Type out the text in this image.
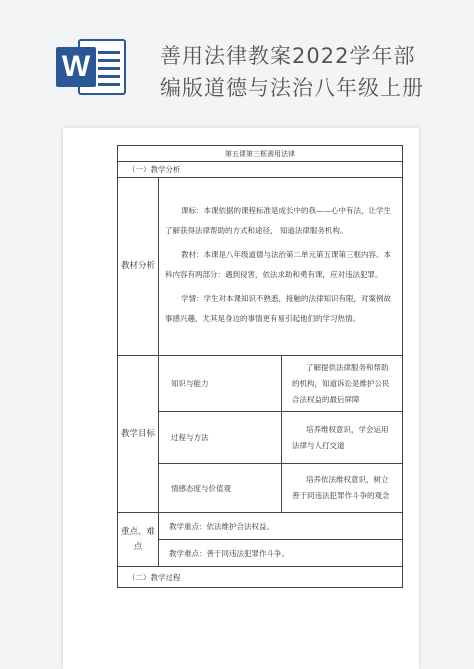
W	善用法律教案2022学年部
编版道德与法治八年级上册
第五课第三框善用法律		
（一）教学分析		
教材分析	课标：本课依据的课程标准是成长中的我——心中有法，让学生了解获得法律帮助的方式和途径， 知道法律服务机构。

教材：本课是八年级道德与法治第二单元第五课第三框内容。本科内容有两部分：遇到侵害，依法求助和勇有课，应对违法犯罪。

学情：学生对本课知识不熟悉，接触的法律知识有限，对案例故事感兴趣，尤其是身边的事情更有易引起他们的学习热情。	

教学目标	知识与能力	了解提供法律服务和帮助的机构，知道诉讼是维护公民合法权益的最后屏障
	过程与方法	培养维权意识，学会运用法律与人打交道
	情感态度与价值观	培养依法维权意识，树立善于同违法犯罪作斗争的观念
重点、难点	教学重点：依法维护合法权益。	
	教学难点：善于同违法犯罪作斗争。	
（二）教学过程		
